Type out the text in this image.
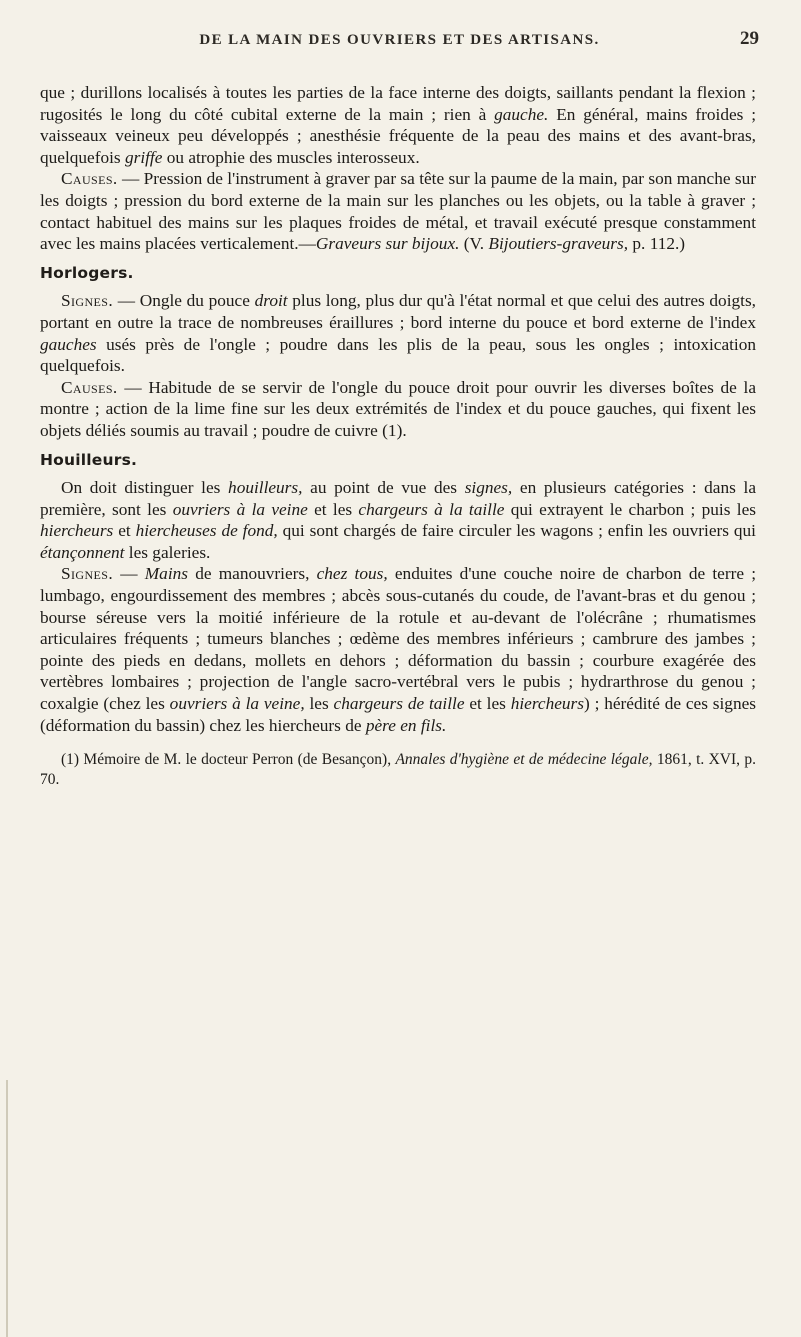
DE LA MAIN DES OUVRIERS ET DES ARTISANS.	29

que ; durillons localisés à toutes les parties de la face interne des doigts, saillants pendant la flexion ; rugosités le long du côté cubital externe de la main ; rien à gauche. En général, mains froides ; vaisseaux veineux peu développés ; anesthésie fréquente de la peau des mains et des avant-bras, quelquefois griffe ou atrophie des muscles interosseux.

Causes. — Pression de l'instrument à graver par sa tête sur la paume de la main, par son manche sur les doigts ; pression du bord externe de la main sur les planches ou les objets, ou la table à graver ; contact habituel des mains sur les plaques froides de métal, et travail exécuté presque constamment avec les mains placées verticalement.—Graveurs sur bijoux. (V. Bijoutiers-graveurs, p. 112.)

Horlogers.

Signes. — Ongle du pouce droit plus long, plus dur qu'à l'état normal et que celui des autres doigts, portant en outre la trace de nombreuses éraillures ; bord interne du pouce et bord externe de l'index gauches usés près de l'ongle ; poudre dans les plis de la peau, sous les ongles ; intoxication quelquefois.

Causes. — Habitude de se servir de l'ongle du pouce droit pour ouvrir les diverses boîtes de la montre ; action de la lime fine sur les deux extrémités de l'index et du pouce gauches, qui fixent les objets déliés soumis au travail ; poudre de cuivre (1).

Houilleurs.

On doit distinguer les houilleurs, au point de vue des signes, en plusieurs catégories : dans la première, sont les ouvriers à la veine et les chargeurs à la taille qui extrayent le charbon ; puis les hiercheurs et hiercheuses de fond, qui sont chargés de faire circuler les wagons ; enfin les ouvriers qui étançonnent les galeries.

Signes. — Mains de manouvriers, chez tous, enduites d'une couche noire de charbon de terre ; lumbago, engourdissement des membres ; abcès sous-cutanés du coude, de l'avant-bras et du genou ; bourse séreuse vers la moitié inférieure de la rotule et au-devant de l'olécrâne ; rhumatismes articulaires fréquents ; tumeurs blanches ; œdème des membres inférieurs ; cambrure des jambes ; pointe des pieds en dedans, mollets en dehors ; déformation du bassin ; courbure exagérée des vertèbres lombaires ; projection de l'angle sacro-vertébral vers le pubis ; hydrarthrose du genou ; coxalgie (chez les ouvriers à la veine, les chargeurs de taille et les hiercheurs) ; hérédité de ces signes (déformation du bassin) chez les hiercheurs de père en fils.

(1) Mémoire de M. le docteur Perron (de Besançon), Annales d'hygiène et de médecine légale, 1861, t. XVI, p. 70.
